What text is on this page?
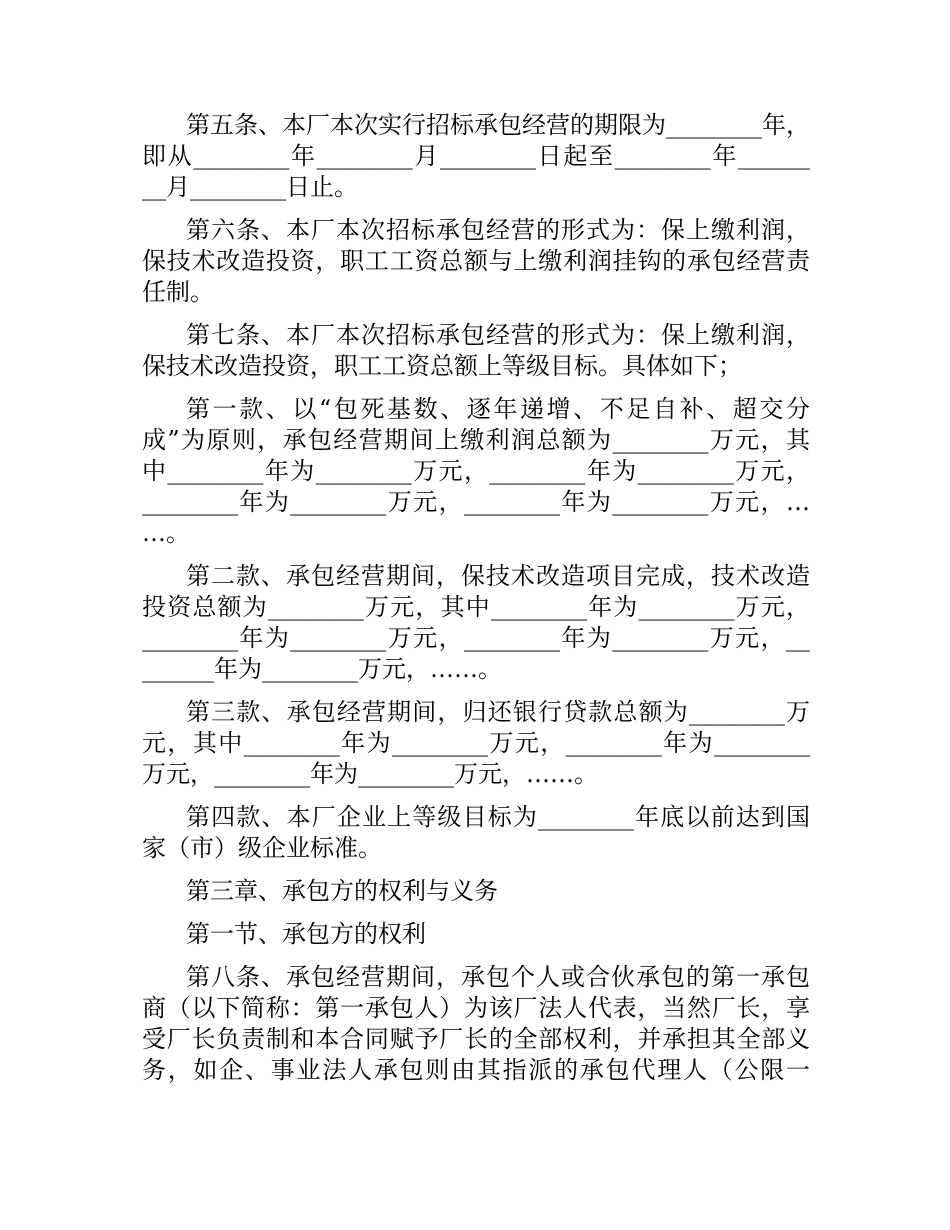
第五条、本厂本次实行招标承包经营的期限为________年，
即从________年________月________日起至________年______
__月________日止。
第六条、本厂本次招标承包经营的形式为：保上缴利润，
保技术改造投资，职工工资总额与上缴利润挂钩的承包经营责
任制。
第七条、本厂本次招标承包经营的形式为：保上缴利润，
保技术改造投资，职工工资总额上等级目标。具体如下；
第一款、以“包死基数、逐年递增、不足自补、超交分
成”为原则，承包经营期间上缴利润总额为________万元，其
中________年为________万元，________年为________万元，
________年为________万元，________年为________万元，…
…。
第二款、承包经营期间，保技术改造项目完成，技术改造
投资总额为________万元，其中________年为________万元，
________年为________万元，________年为________万元，__
______年为________万元，……。
第三款、承包经营期间，归还银行贷款总额为________万
元，其中________年为________万元，________年为________
万元，________年为________万元，……。
第四款、本厂企业上等级目标为________年底以前达到国
家（市）级企业标准。
第三章、承包方的权利与义务
第一节、承包方的权利
第八条、承包经营期间，承包个人或合伙承包的第一承包
商（以下简称：第一承包人）为该厂法人代表，当然厂长，享
受厂长负责制和本合同赋予厂长的全部权利，并承担其全部义
务，如企、事业法人承包则由其指派的承包代理人（公限一
